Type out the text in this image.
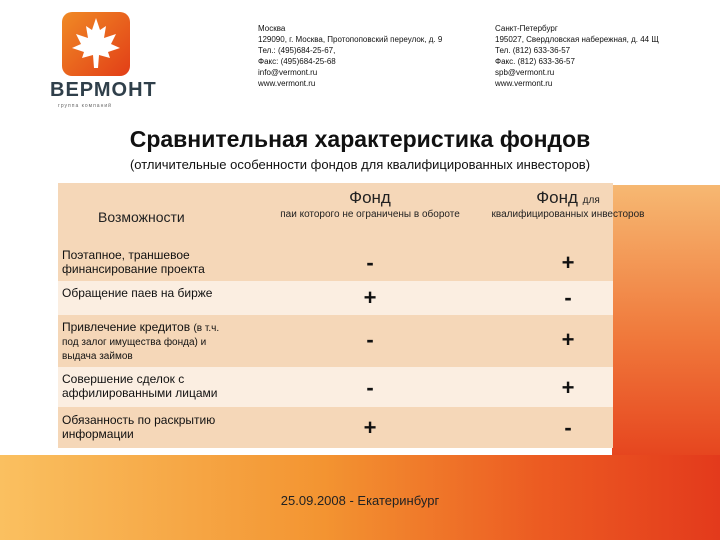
ВЕРМОНТ
группа компаний
Москва
129090, г. Москва, Протопоповский переулок, д. 9
Тел.: (495)684-25-67,
Факс: (495)684-25-68
info@vermont.ru
www.vermont.ru
Санкт-Петербург
195027, Свердловская набережная, д. 44 Щ
Тел. (812) 633-36-57
Факс. (812) 633-36-57
spb@vermont.ru
www.vermont.ru
Сравнительная характеристика фондов
(отличительные особенности фондов для квалифицированных инвесторов)
Возможности
Фонд
паи которого не ограничены в обороте
Фонд для
квалифицированных инвесторов
Поэтапное, траншевое
финансирование проекта	-	+
Обращение паев на бирже	+	-
Привлечение кредитов (в т.ч.
под залог имущества фонда) и
выдача займов
-	+
Совершение сделок с
аффилированными лицами	-	+
Обязанность по раскрытию
информации	+	-
25.09.2008 - Екатеринбург
